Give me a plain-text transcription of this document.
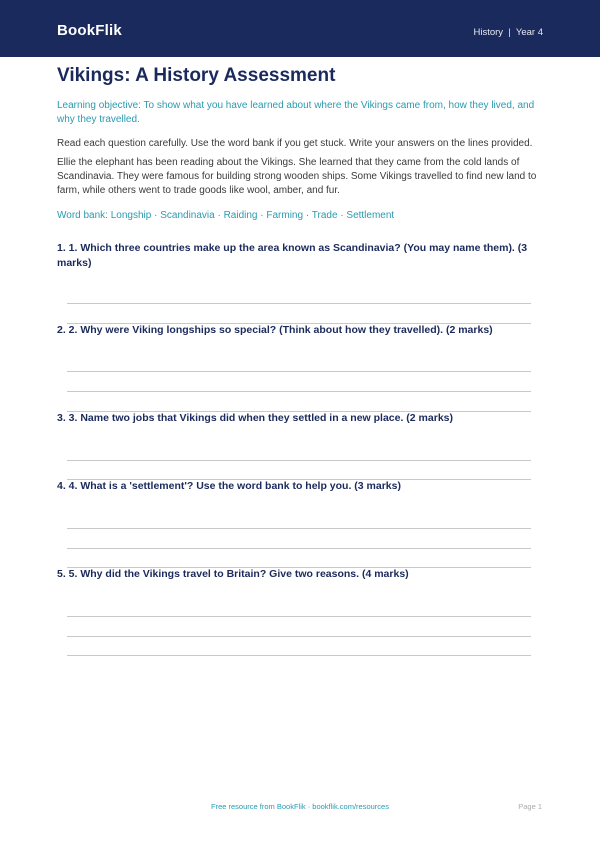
BookFlik	History  |  Year 4
Vikings: A History Assessment
Learning objective: To show what you have learned about where the Vikings came from, how they lived, and why they travelled.
Read each question carefully. Use the word bank if you get stuck. Write your answers on the lines provided.
Ellie the elephant has been reading about the Vikings. She learned that they came from the cold lands of Scandinavia. They were famous for building strong wooden ships. Some Vikings travelled to find new land to farm, while others went to trade goods like wool, amber, and fur.
Word bank: Longship · Scandinavia · Raiding · Farming · Trade · Settlement
1. 1. Which three countries make up the area known as Scandinavia? (You may name them). (3 marks)
2. 2. Why were Viking longships so special? (Think about how they travelled). (2 marks)
3. 3. Name two jobs that Vikings did when they settled in a new place. (2 marks)
4. 4. What is a 'settlement'? Use the word bank to help you. (3 marks)
5. 5. Why did the Vikings travel to Britain? Give two reasons. (4 marks)
Free resource from BookFlik · bookflik.com/resources	Page 1
